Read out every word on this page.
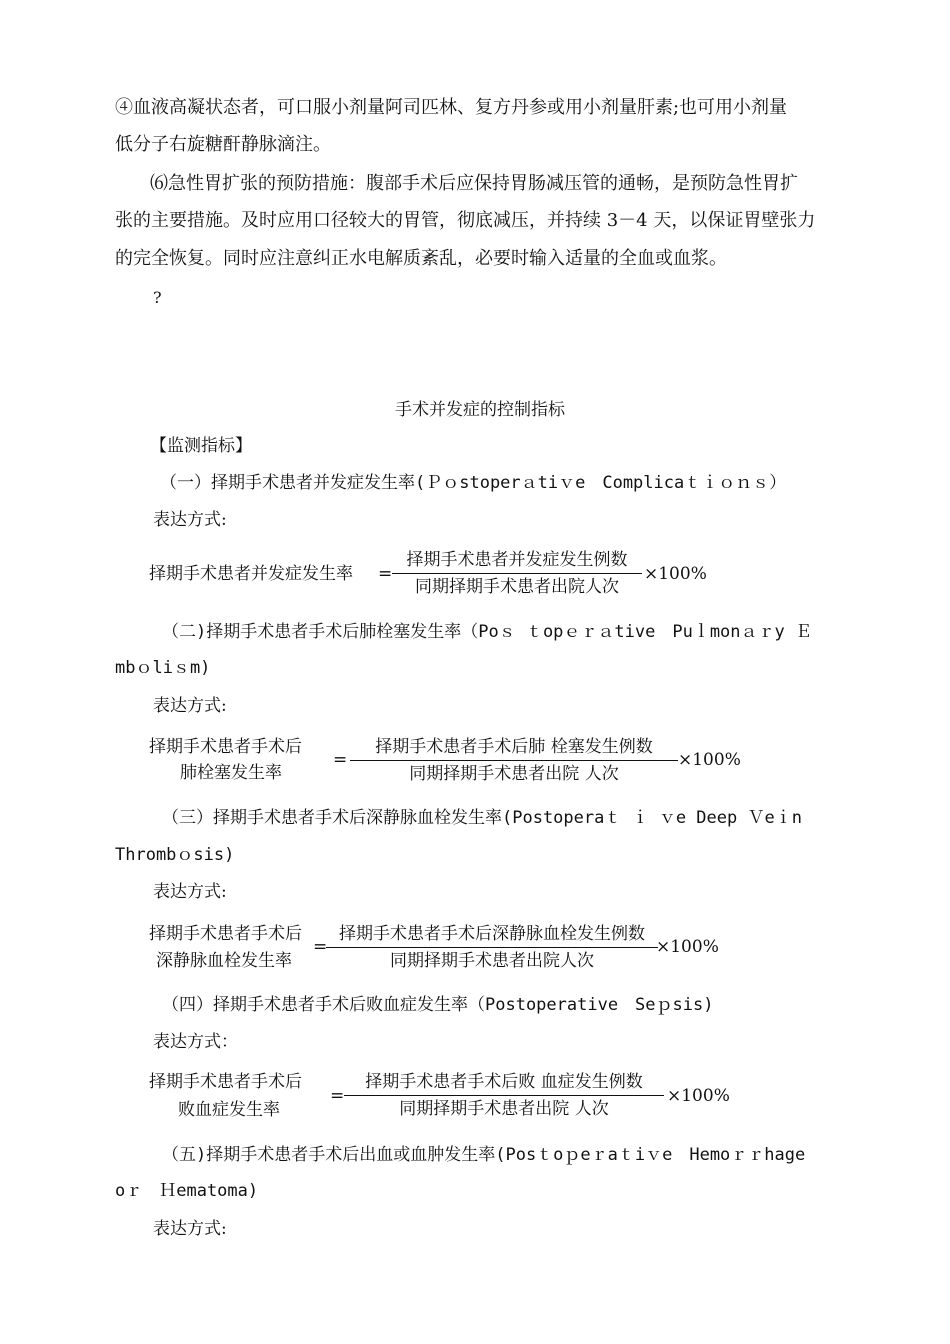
④血液高凝状态者，可口服小剂量阿司匹林、复方丹参或用小剂量肝素;也可用小剂量
低分子右旋糖酐静脉滴注。
⑹急性胃扩张的预防措施：腹部手术后应保持胃肠减压管的通畅，是预防急性胃扩
张的主要措施。及时应用口径较大的胃管，彻底减压，并持续 3－4 天，以保证胃壁张力
的完全恢复。同时应注意纠正水电解质紊乱，必要时输入适量的全血或血浆。
?
手术并发症的控制指标
【监测指标】
（一）择期手术患者并发症发生率(Ｐｏstoperａtiｖe　Complicaｔｉｏｎｓ）
表达方式:
择期手术患者并发症发生率 =
择期手术患者并发症发生例数
同期择期手术患者出院人次
×100%
（二)择期手术患者手术后肺栓塞发生率（Poｓ ｔopｅｒａtive　Puｌmonａｒy Ｅ
mbｏliｓm)
表达方式:
择期手术患者手术后
肺栓塞发生率
=
择期手术患者手术后肺 栓塞发生例数
同期择期手术患者出院 人次
×100%
（三）择期手术患者手术后深静脉血栓发生率(Postoperaｔ ｉ ｖe Deep Ｖeｉn
Thrombｏsis)
表达方式:
择期手术患者手术后
深静脉血栓发生率
=
择期手术患者手术后深静脉血栓发生例数
同期择期手术患者出院人次
×100%
（四）择期手术患者手术后败血症发生率（Postoperative　Seｐsis)
表达方式：
择期手术患者手术后
败血症发生率
=
择期手术患者手术后败 血症发生例数
同期择期手术患者出院 人次
×100%
（五)择期手术患者手术后出血或血肿发生率(Posｔoｐeｒaｔiｖe　Hemoｒｒhage
oｒ　Ｈematoma)
表达方式:
